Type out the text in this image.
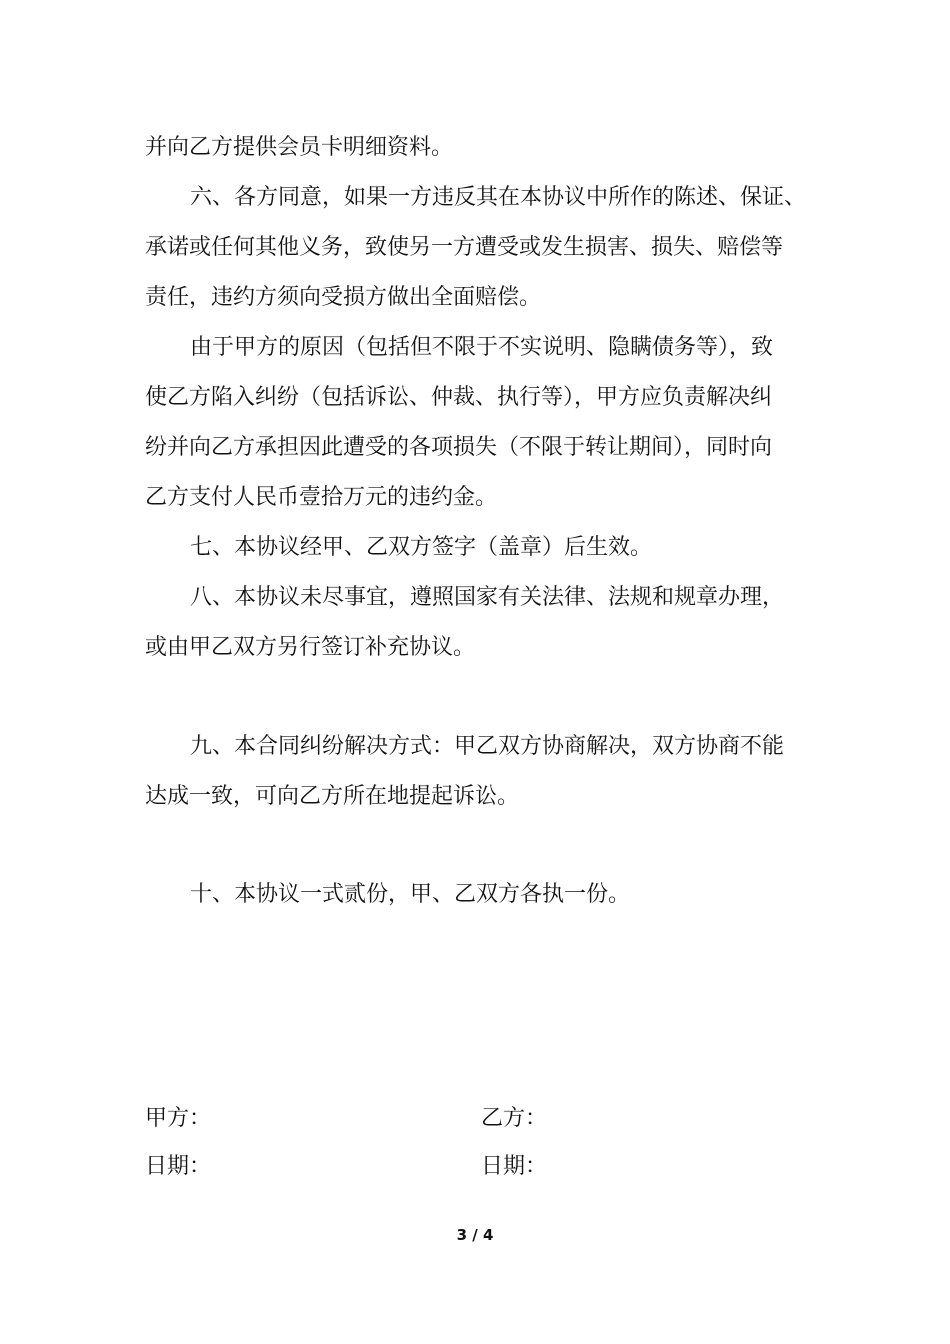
并向乙方提供会员卡明细资料。
六、各方同意，如果一方违反其在本协议中所作的陈述、保证、
承诺或任何其他义务，致使另一方遭受或发生损害、损失、赔偿等
责任，违约方须向受损方做出全面赔偿。
由于甲方的原因（包括但不限于不实说明、隐瞒债务等），致
使乙方陷入纠纷（包括诉讼、仲裁、执行等），甲方应负责解决纠
纷并向乙方承担因此遭受的各项损失（不限于转让期间），同时向
乙方支付人民币壹拾万元的违约金。
七、本协议经甲、乙双方签字（盖章）后生效。
八、本协议未尽事宜，遵照国家有关法律、法规和规章办理，
或由甲乙双方另行签订补充协议。
九、本合同纠纷解决方式：甲乙双方协商解决，双方协商不能
达成一致，可向乙方所在地提起诉讼。
十、本协议一式贰份，甲、乙双方各执一份。
甲方：	乙方：
日期：	日期：
3 / 4
